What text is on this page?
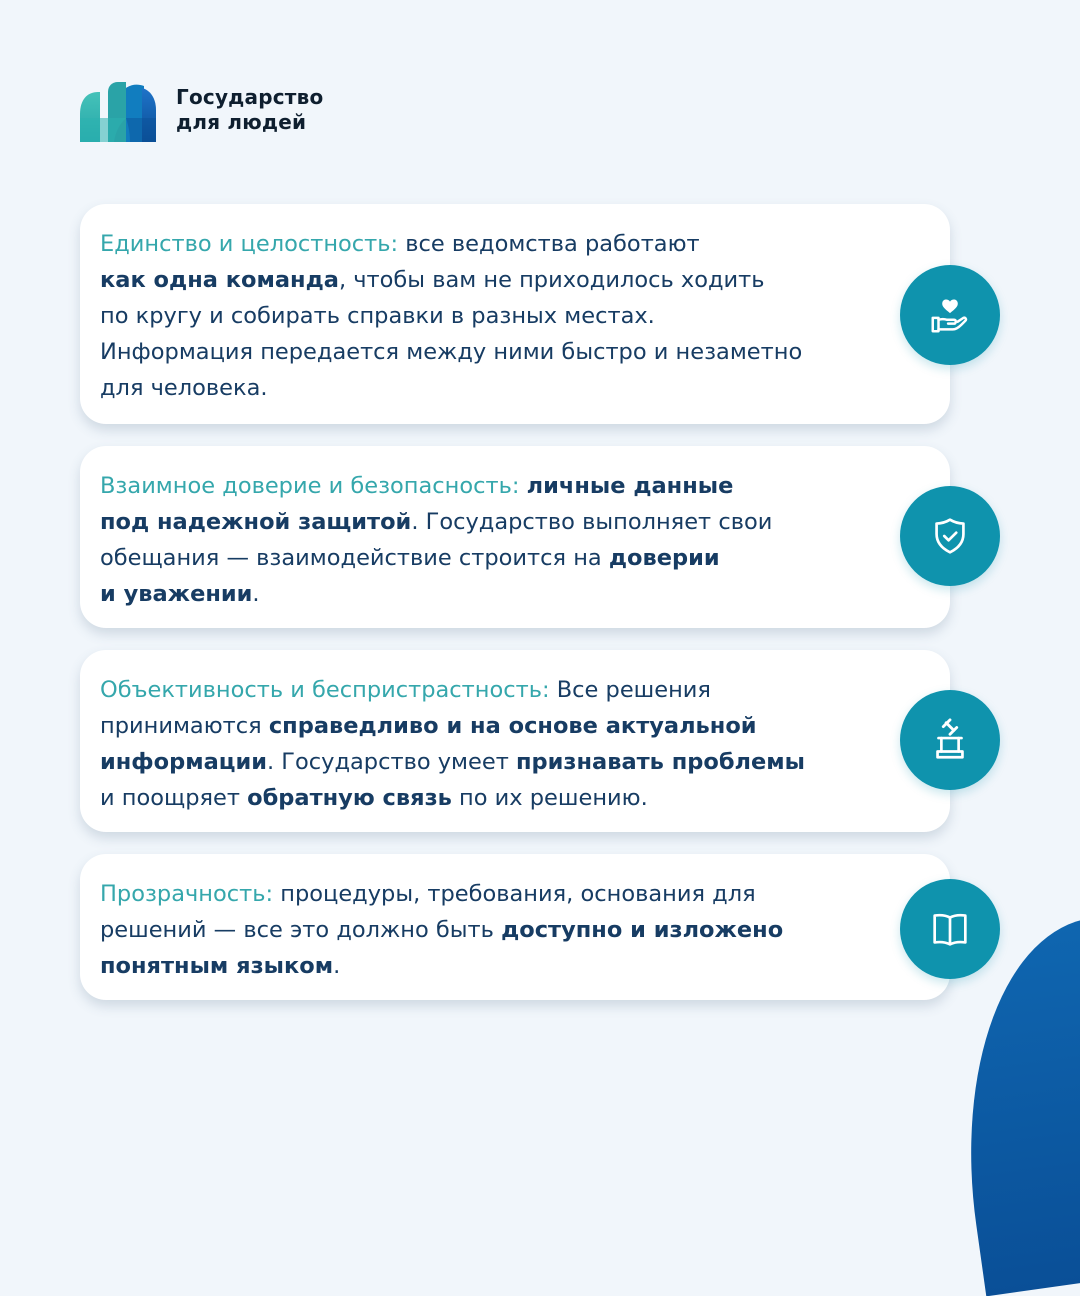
Государство
для людей
Единство и целостность: все ведомства работают
как одна команда, чтобы вам не приходилось ходить
по кругу и собирать справки в разных местах.
Информация передается между ними быстро и незаметно
для человека.
Взаимное доверие и безопасность: личные данные
под надежной защитой. Государство выполняет свои
обещания — взаимодействие строится на доверии
и уважении.
Объективность и беспристрастность: Все решения
принимаются справедливо и на основе актуальной
информации. Государство умеет признавать проблемы
и поощряет обратную связь по их решению.
Прозрачность: процедуры, требования, основания для
решений — все это должно быть доступно и изложено
понятным языком.
